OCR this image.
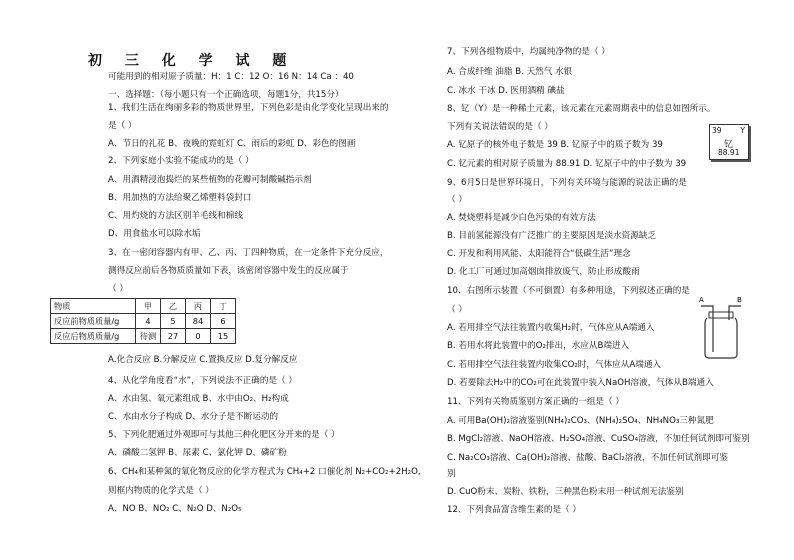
初 三 化 学 试 题
可能用到的相对原子质量：H：1 C：12 O：16 N：14 Ca ：40
一、选择题：（每小题只有一个正确选项，每题1分，共15分）
1、我们生活在绚丽多彩的物质世界里，下列色彩是由化学变化呈现出来的
是（ ）
A、节日的礼花 B、夜晚的霓虹灯 C、雨后的彩虹 D、彩色的图画
2、下列家庭小实验不能成功的是（ ）
A、用酒精浸泡捣烂的某些植物的花瓣可制酸碱指示剂
B、用加热的方法给聚乙烯塑料袋封口
C、用灼烧的方法区别羊毛线和棉线
D、用食盐水可以除水垢
3、在一密闭容器内有甲、乙、丙、丁四种物质，在一定条件下充分反应，
测得反应前后各物质质量如下表，该密闭容器中发生的反应属于
（ ）
A.化合反应 B.分解反应 C.置换反应 D.复分解反应
4、从化学角度看“水”，下列说法不正确的是（ ）
A、水由氢、氧元素组成 B、水中由O₂、H₂构成
C、水由水分子构成 D、水分子是不断运动的
5、下列化肥通过外观即可与其他三种化肥区分开来的是（ ）
A、磷酸二氢钾 B、尿素 C、氯化钾 D、磷矿粉
6、CH₄和某种氮的氧化物反应的化学方程式为 CH₄+2 口催化剂 N₂+CO₂+2H₂O,
则框内物质的化学式是（ ）
A、NO B、NO₂ C、N₂O D、N₂O₅
7、下列各组物质中，均属纯净物的是（ ）
A. 合成纤维 油脂 B. 天然气 水银
C. 冰水 干冰 D. 医用酒精 碘盐
8、钇（Y）是一种稀土元素，该元素在元素周期表中的信息如图所示。
下列有关说法错误的是（ ）
A. 钇原子的核外电子数是 39 B. 钇原子中的质子数为 39
C. 钇元素的相对原子质量为 88.91 D. 钇原子中的中子数为 39
9、6月5日是世界环境日，下列有关环境与能源的说法正确的是
（ ）
A. 焚烧塑料是减少白色污染的有效方法
B. 目前氢能源没有广泛推广的主要原因是淡水资源缺乏
C. 开发和利用风能、太阳能符合“低碳生活”理念
D. 化工厂可通过加高烟囱排放废气，防止形成酸雨
10、右图所示装置（不可倒置）有多种用途，下列叙述正确的是
（ ）
A. 若用排空气法往装置内收集H₂时，气体应从A端通入
B. 若用水将此装置中的O₂排出，水应从B端进入
C. 若用排空气法往装置内收集CO₂时，气体应从A端通入
D. 若要除去H₂中的CO₂可在此装置中装入NaOH溶液，气体从B端通入
11、下列有关物质鉴别方案正确的一组是（ ）
A. 可用Ba(OH)₂溶液鉴别(NH₄)₂CO₃、(NH₄)₂SO₄、NH₄NO₃三种氮肥
B. MgCl₂溶液、NaOH溶液、H₂SO₄溶液、CuSO₄溶液，不加任何试剂即可鉴别
C. Na₂CO₃溶液、Ca(OH)₂溶液、盐酸、BaCl₂溶液，不加任何试剂即可鉴
别
D. CuO粉末、炭粉、铁粉，三种黑色粉末用一种试剂无法鉴别
12、下列食品富含维生素的是（ ）
物质	甲	乙	丙	丁
反应前物质质量/g	4	5	84	6
反应后物质质量/g	待测	27	0	15
39	Y
钇
88.91
A	B
